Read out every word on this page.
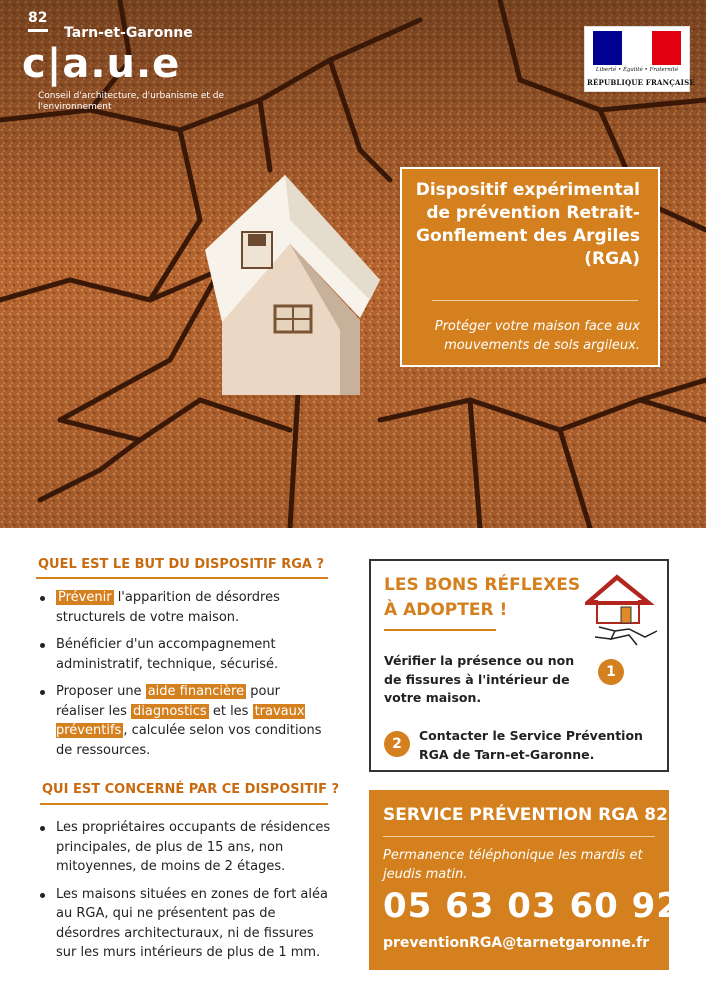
82
Tarn-et-Garonne
c|a.u.e
Conseil d'architecture, d'urbanisme et de l'environnement
Liberté • Égalité • Fraternité
RÉPUBLIQUE FRANÇAISE
Dispositif expérimental de prévention Retrait-Gonflement des Argiles (RGA)
Protéger votre maison face aux mouvements de sols argileux.
QUEL EST LE BUT DU DISPOSITIF RGA ?
Prévenir l'apparition de désordres structurels de votre maison.
Bénéficier d'un accompagnement administratif, technique, sécurisé.
Proposer une aide financière pour réaliser les diagnostics et les travaux préventifs , calculée selon vos conditions de ressources.
QUI EST CONCERNÉ PAR CE DISPOSITIF ?
Les propriétaires occupants de résidences principales, de plus de 15 ans, non mitoyennes, de moins de 2 étages.
Les maisons situées en zones de fort aléa au RGA, qui ne présentent pas de désordres architecturaux, ni de fissures sur les murs intérieurs de plus de 1 mm.
LES BONS RÉFLEXES
À ADOPTER !
Vérifier la présence ou non de fissures à l'intérieur de votre maison.
1
2
Contacter le Service Prévention RGA de Tarn-et-Garonne.
SERVICE PRÉVENTION RGA 82
Permanence téléphonique les mardis et jeudis matin.
05 63 03 60 92
preventionRGA@tarnetgaronne.fr
